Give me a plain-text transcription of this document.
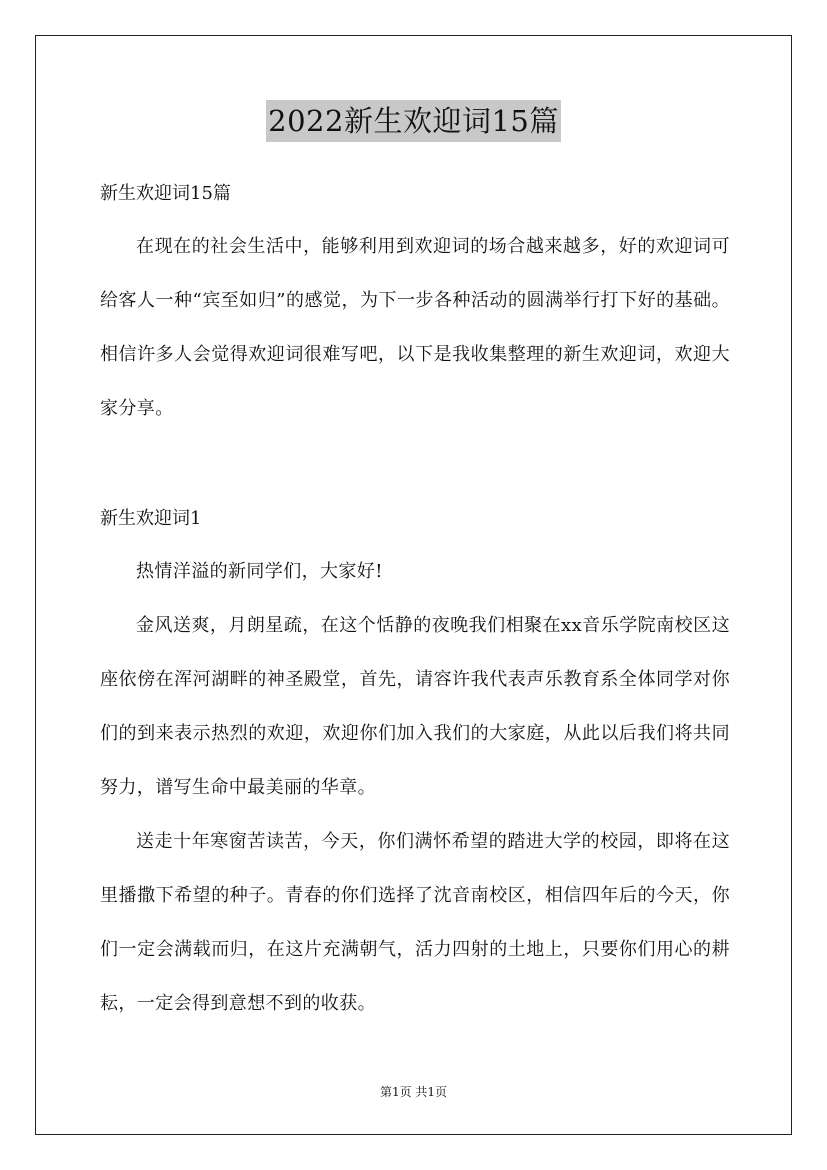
2022新生欢迎词15篇
新生欢迎词15篇
在现在的社会生活中，能够利用到欢迎词的场合越来越多，好的欢迎词可给客人一种“宾至如归”的感觉，为下一步各种活动的圆满举行打下好的基础。相信许多人会觉得欢迎词很难写吧，以下是我收集整理的新生欢迎词，欢迎大家分享。
新生欢迎词1
热情洋溢的新同学们，大家好!
金风送爽，月朗星疏，在这个恬静的夜晚我们相聚在xx音乐学院南校区这座依傍在浑河湖畔的神圣殿堂，首先，请容许我代表声乐教育系全体同学对你们的到来表示热烈的欢迎，欢迎你们加入我们的大家庭，从此以后我们将共同努力，谱写生命中最美丽的华章。
送走十年寒窗苦读苦，今天，你们满怀希望的踏进大学的校园，即将在这里播撒下希望的种子。青春的你们选择了沈音南校区，相信四年后的今天，你们一定会满载而归，在这片充满朝气，活力四射的土地上，只要你们用心的耕耘，一定会得到意想不到的收获。
第1页 共1页
